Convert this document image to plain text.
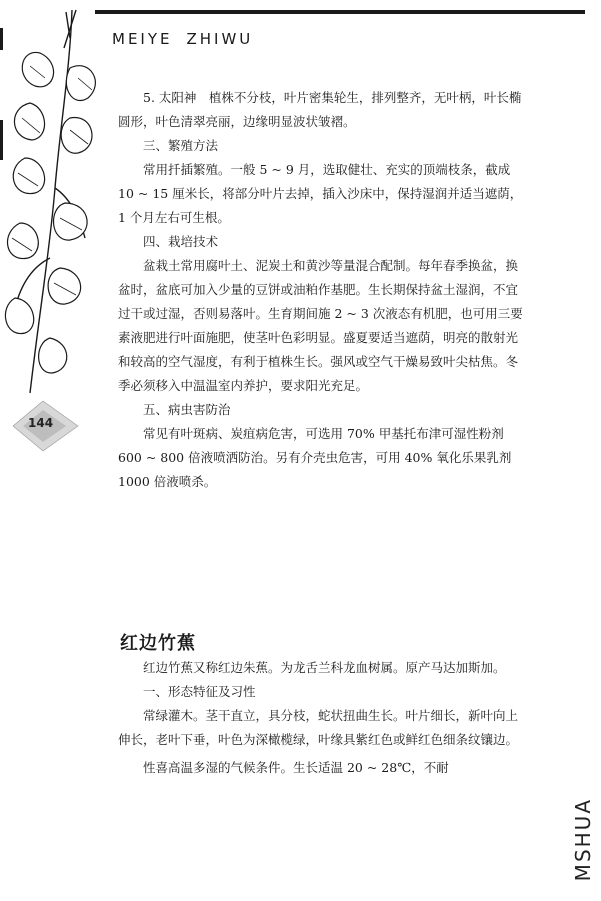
MEIYE ZHIWU
144

5. 太阳神　植株不分枝，叶片密集轮生，排列整齐，无叶柄，叶长椭圆形，叶色清翠亮丽，边缘明显波状皱褶。

三、繁殖方法

常用扦插繁殖。一般 5 ~ 9 月，选取健壮、充实的顶端枝条，截成 10 ~ 15 厘米长，将部分叶片去掉，插入沙床中，保持湿润并适当遮荫，1 个月左右可生根。

四、栽培技术

盆栽土常用腐叶土、泥炭土和黄沙等量混合配制。每年春季换盆，换盆时，盆底可加入少量的豆饼或油粕作基肥。生长期保持盆土湿润，不宜过干或过湿，否则易落叶。生育期间施 2 ~ 3 次液态有机肥，也可用三要素液肥进行叶面施肥，使茎叶色彩明显。盛夏要适当遮荫，明亮的散射光和较高的空气湿度，有利于植株生长。强风或空气干燥易致叶尖枯焦。冬季必须移入中温温室内养护，要求阳光充足。

五、病虫害防治

常见有叶斑病、炭疽病危害，可选用 70% 甲基托布津可湿性粉剂 600 ~ 800 倍液喷洒防治。另有介壳虫危害，可用 40% 氧化乐果乳剂 1000 倍液喷杀。

红边竹蕉

红边竹蕉又称红边朱蕉。为龙舌兰科龙血树属。原产马达加斯加。

一、形态特征及习性

常绿灌木。茎干直立，具分枝，蛇状扭曲生长。叶片细长，新叶向上伸长，老叶下垂，叶色为深橄榄绿，叶缘具紫红色或鲜红色细条纹镶边。

性喜高温多湿的气候条件。生长适温 20 ~ 28℃，不耐

MSHUA
